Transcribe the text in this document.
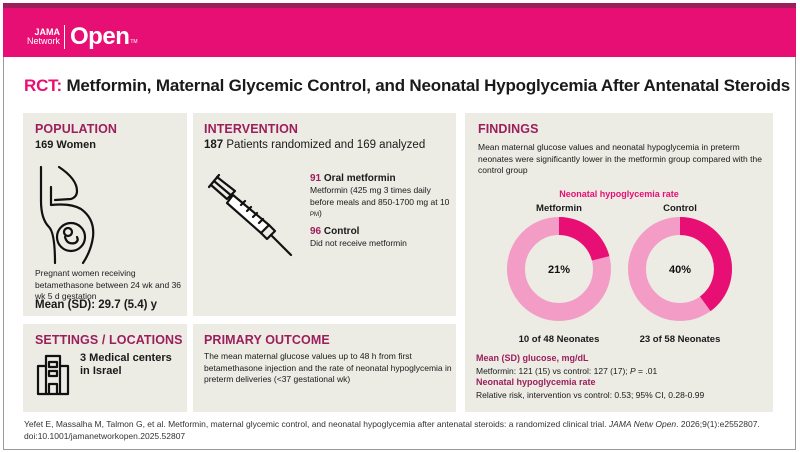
JAMA
Network Open TM
RCT: Metformin, Maternal Glycemic Control, and Neonatal Hypoglycemia After Antenatal Steroids
POPULATION
169 Women
Pregnant women receiving betamethasone between 24 wk and 36 wk 5 d gestation
Mean (SD): 29.7 (5.4) y
INTERVENTION
187 Patients randomized and 169 analyzed
91 Oral metformin
Metformin (425 mg 3 times daily before meals and 850-1700 mg at 10 PM)
96 Control
Did not receive metformin
FINDINGS
Mean maternal glucose values and neonatal hypoglycemia in preterm neonates were significantly lower in the metformin group compared with the control group
Neonatal hypoglycemia rate
Metformin	Control
21%	40%
10 of 48 Neonates	23 of 58 Neonates
Mean (SD) glucose, mg/dL
Metformin: 121 (15) vs control: 127 (17); P = .01
Neonatal hypoglycemia rate
Relative risk, intervention vs control: 0.53; 95% CI, 0.28-0.99
SETTINGS / LOCATIONS
3 Medical centers in Israel
PRIMARY OUTCOME
The mean maternal glucose values up to 48 h from first betamethasone injection and the rate of neonatal hypoglycemia in preterm deliveries (<37 gestational wk)
Yefet E, Massalha M, Talmon G, et al. Metformin, maternal glycemic control, and neonatal hypoglycemia after antenatal steroids: a randomized clinical trial. JAMA Netw Open. 2026;9(1):e2552807. doi:10.1001/jamanetworkopen.2025.52807
